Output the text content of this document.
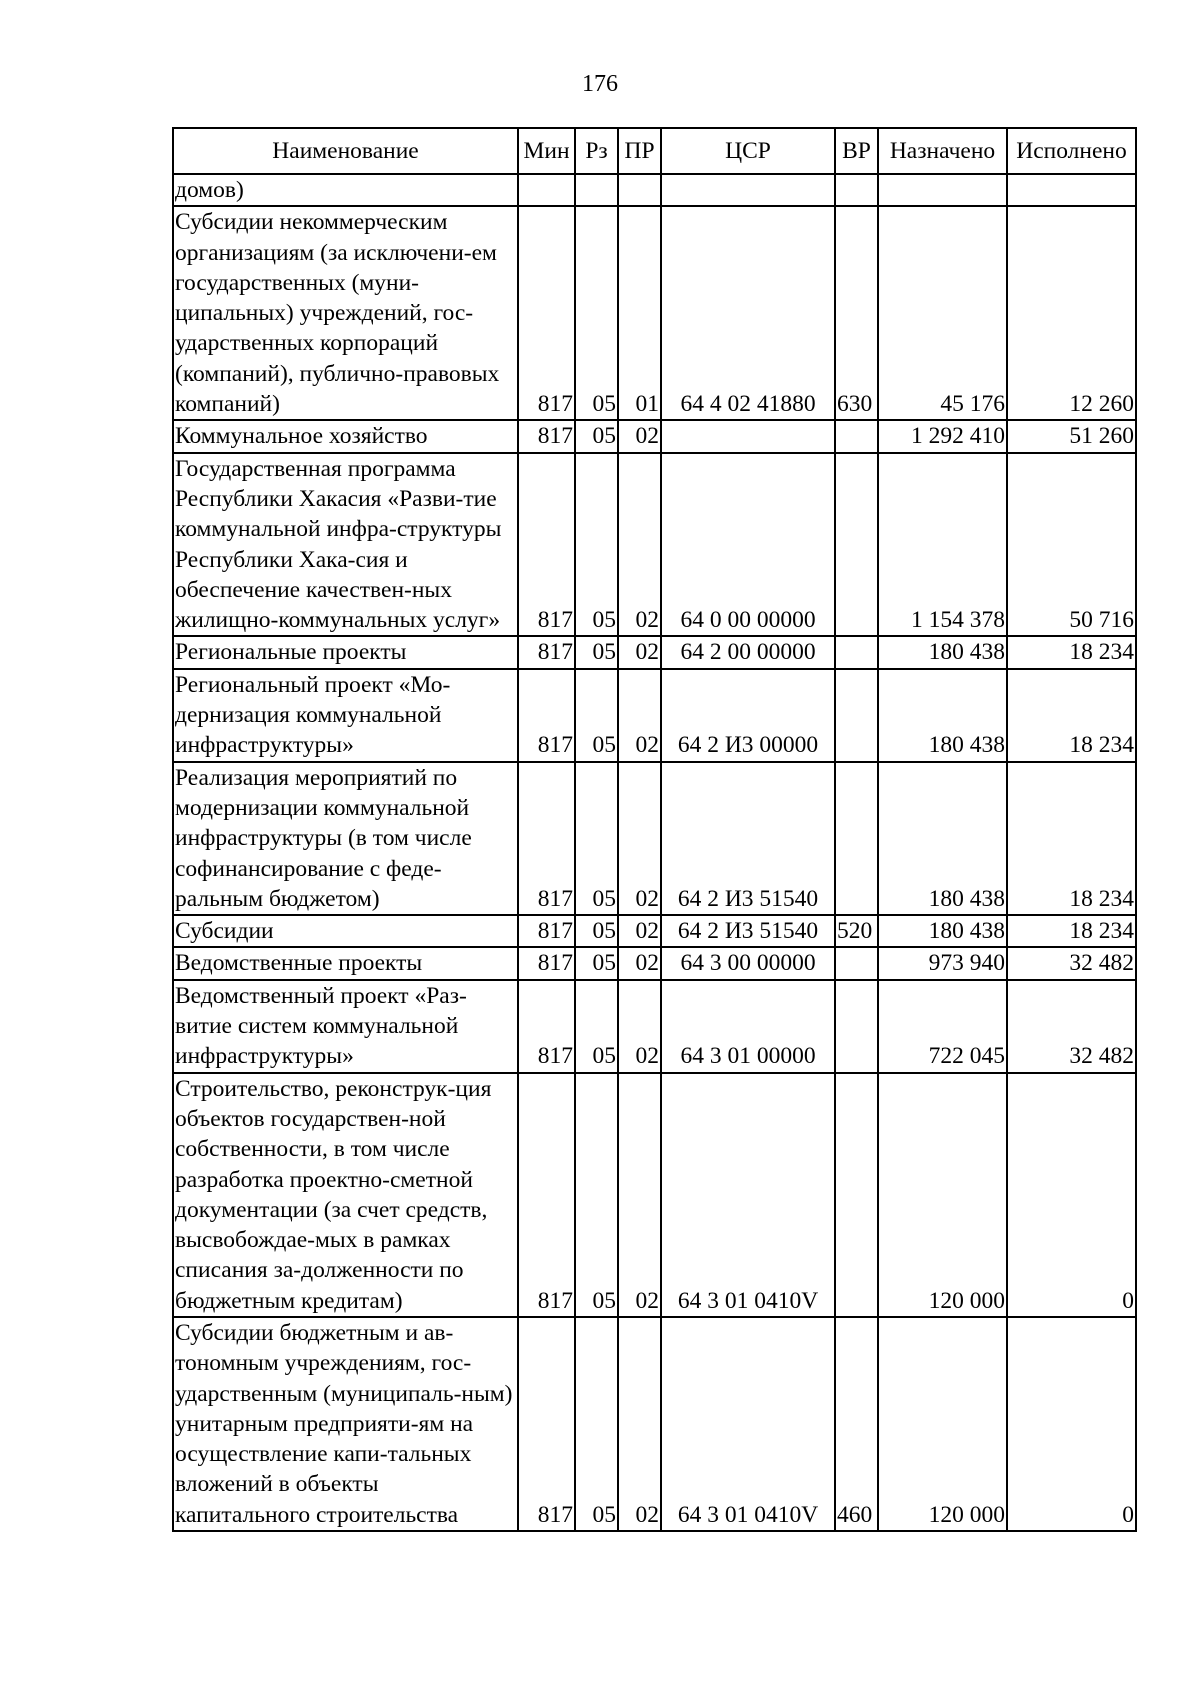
176
Наименование	Мин	Рз	ПР	ЦСР	ВР	Назначено	Исполнено
домов)							
Субсидии некоммерческим организациям (за исключени-ем государственных (муни-ципальных) учреждений, гос-ударственных корпораций (компаний), публично-правовых компаний)	817	05	01	64 4 02 41880	630	45 176	12 260
Коммунальное хозяйство	817	05	02			1 292 410	51 260
Государственная программа Республики Хакасия «Разви-тие коммунальной инфра-структуры Республики Хака-сия и обеспечение качествен-ных жилищно-коммунальных услуг»	817	05	02	64 0 00 00000		1 154 378	50 716
Региональные проекты	817	05	02	64 2 00 00000		180 438	18 234
Региональный проект «Мо-дернизация коммунальной инфраструктуры»	817	05	02	64 2 И3 00000		180 438	18 234
Реализация мероприятий по модернизации коммунальной инфраструктуры (в том числе софинансирование с феде-ральным бюджетом)	817	05	02	64 2 И3 51540		180 438	18 234
Субсидии	817	05	02	64 2 И3 51540	520	180 438	18 234
Ведомственные проекты	817	05	02	64 3 00 00000		973 940	32 482
Ведомственный проект «Раз-витие систем коммунальной инфраструктуры»	817	05	02	64 3 01 00000		722 045	32 482
Строительство, реконструк-ция объектов государствен-ной собственности, в том числе разработка проектно-сметной документации (за счет средств, высвобождае-мых в рамках списания за-долженности по бюджетным кредитам)	817	05	02	64 3 01 0410V		120 000	0
Субсидии бюджетным и ав-тономным учреждениям, гос-ударственным (муниципаль-ным) унитарным предприяти-ям на осуществление капи-тальных вложений в объекты капитального строительства	817	05	02	64 3 01 0410V	460	120 000	0
